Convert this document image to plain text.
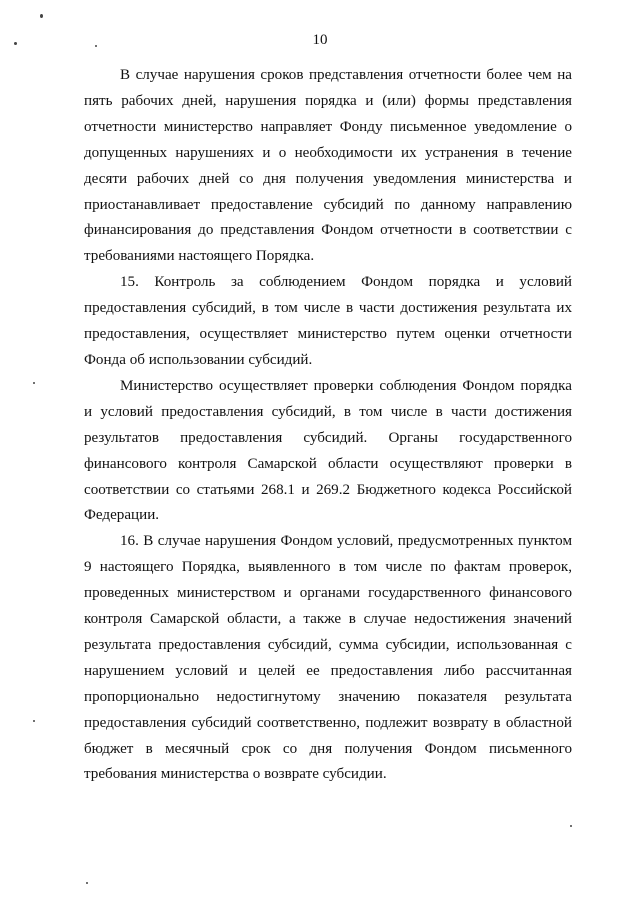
10

В случае нарушения сроков представления отчетности более чем на пять рабочих дней, нарушения порядка и (или) формы представления отчетности министерство направляет Фонду письменное уведомление о допущенных нарушениях и о необходимости их устранения в течение десяти рабочих дней со дня получения уведомления министерства и приостанавливает предоставление субсидий по данному направлению финансирования до представления Фондом отчетности в соответствии с требованиями настоящего Порядка.

15. Контроль за соблюдением Фондом порядка и условий предоставления субсидий, в том числе в части достижения результата их предоставления, осуществляет министерство путем оценки отчетности Фонда об использовании субсидий.

Министерство осуществляет проверки соблюдения Фондом порядка и условий предоставления субсидий, в том числе в части достижения результатов предоставления субсидий. Органы государственного финансового контроля Самарской области осуществляют проверки в соответствии со статьями 268.1 и 269.2 Бюджетного кодекса Российской Федерации.

16. В случае нарушения Фондом условий, предусмотренных пунктом 9 настоящего Порядка, выявленного в том числе по фактам проверок, проведенных министерством и органами государственного финансового контроля Самарской области, а также в случае недостижения значений результата предоставления субсидий, сумма субсидии, использованная с нарушением условий и целей ее предоставления либо рассчитанная пропорционально недостигнутому значению показателя результата предоставления субсидий соответственно, подлежит возврату в областной бюджет в месячный срок со дня получения Фондом письменного требования министерства о возврате субсидии.
